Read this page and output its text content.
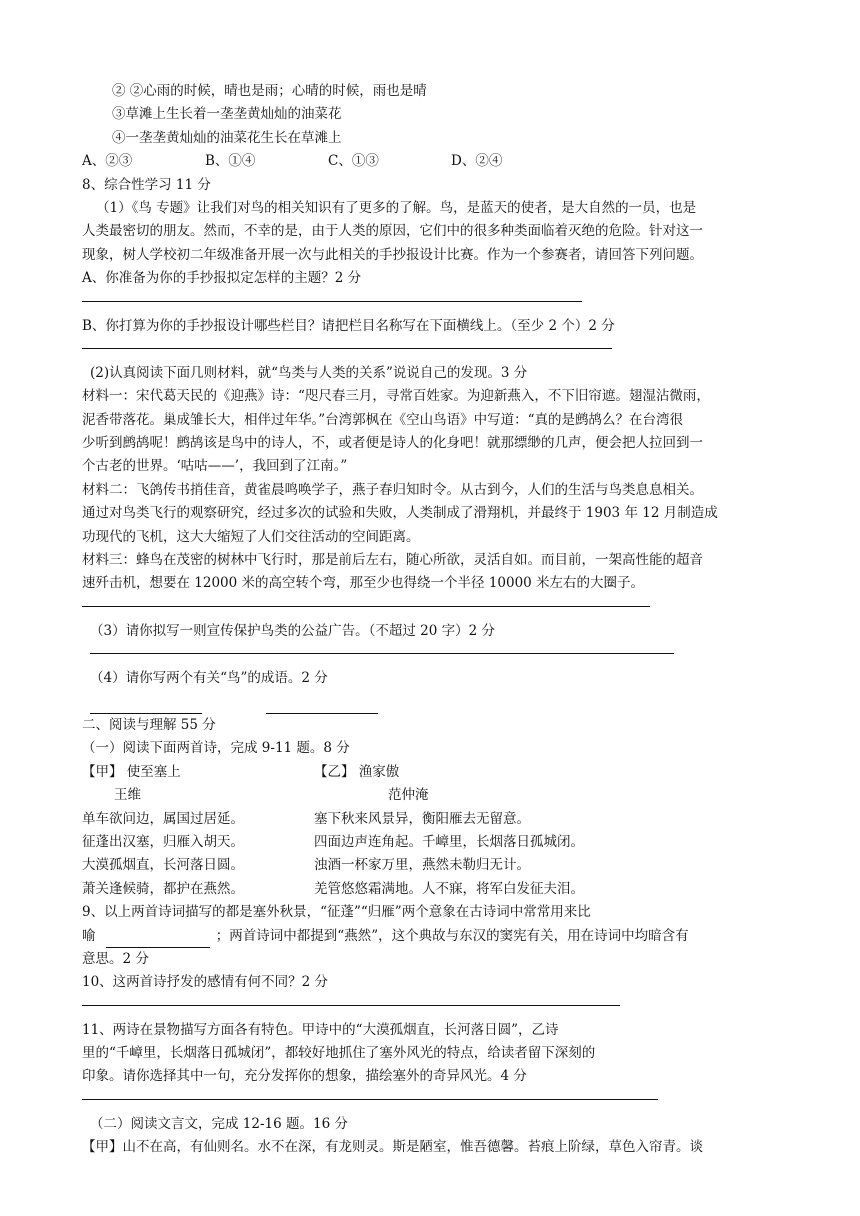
② ②心雨的时候，晴也是雨；心晴的时候，雨也是晴
③草滩上生长着一垄垄黄灿灿的油菜花
④一垄垄黄灿灿的油菜花生长在草滩上
A、②③	B、①④	C、①③	D、②④
8、综合性学习 11 分
（1）《鸟 专题》让我们对鸟的相关知识有了更多的了解。鸟，是蓝天的使者，是大自然的一员，也是
人类最密切的朋友。然而，不幸的是，由于人类的原因，它们中的很多种类面临着灭绝的危险。针对这一
现象，树人学校初二年级准备开展一次与此相关的手抄报设计比赛。作为一个参赛者，请回答下列问题。
A、你准备为你的手抄报拟定怎样的主题？2 分
B、你打算为你的手抄报设计哪些栏目？请把栏目名称写在下面横线上。（至少 2 个）2 分
(2)认真阅读下面几则材料，就“鸟类与人类的关系”说说自己的发现。3 分
材料一：宋代葛天民的《迎燕》诗：“咫尺春三月，寻常百姓家。为迎新燕入，不下旧帘遮。翅湿沾微雨，
泥香带落花。巢成雏长大，相伴过年华。”台湾郭枫在《空山鸟语》中写道：“真的是鹧鸪么？在台湾很
少听到鹧鸪呢！鹧鸪该是鸟中的诗人，不，或者便是诗人的化身吧！就那缥缈的几声，便会把人拉回到一
个古老的世界。‘咕咕——’，我回到了江南。”
材料二：飞鸽传书捎佳音，黄雀晨鸣唤学子，燕子春归知时令。从古到今，人们的生活与鸟类息息相关。
通过对鸟类飞行的观察研究，经过多次的试验和失败，人类制成了滑翔机，并最终于 1903 年 12 月制造成
功现代的飞机，这大大缩短了人们交往活动的空间距离。
材料三：蜂鸟在茂密的树林中飞行时，那是前后左右，随心所欲，灵活自如。而目前，一架高性能的超音
速歼击机，想要在 12000 米的高空转个弯，那至少也得绕一个半径 10000 米左右的大圈子。
（3）请你拟写一则宣传保护鸟类的公益广告。（不超过 20 字）2 分
（4）请你写两个有关“鸟”的成语。2 分

二、阅读与理解 55 分
（一）阅读下面两首诗，完成 9-11 题。8 分
【甲】 使至塞上	【乙】 渔家傲
王维	范仲淹
单车欲问边，属国过居延。	塞下秋来风景异，衡阳雁去无留意。
征蓬出汉塞，归雁入胡天。	四面边声连角起。千嶂里，长烟落日孤城闭。
大漠孤烟直，长河落日圆。	浊酒一杯家万里，燕然未勒归无计。
萧关逢候骑，都护在燕然。	羌管悠悠霜满地。人不寐，将军白发征夫泪。
9、以上两首诗词描写的都是塞外秋景，“征蓬”“归雁”两个意象在古诗词中常常用来比
喻	；两首诗词中都提到“燕然”，这个典故与东汉的窦宪有关，用在诗词中均暗含有
意思。2 分
10、这两首诗抒发的感情有何不同？2 分
11、两诗在景物描写方面各有特色。甲诗中的“大漠孤烟直，长河落日圆”，乙诗
里的“千嶂里，长烟落日孤城闭”，都较好地抓住了塞外风光的特点，给读者留下深刻的
印象。请你选择其中一句，充分发挥你的想象，描绘塞外的奇异风光。4 分
（二）阅读文言文，完成 12-16 题。16 分
【甲】山不在高，有仙则名。水不在深，有龙则灵。斯是陋室，惟吾德馨。苔痕上阶绿，草色入帘青。谈
